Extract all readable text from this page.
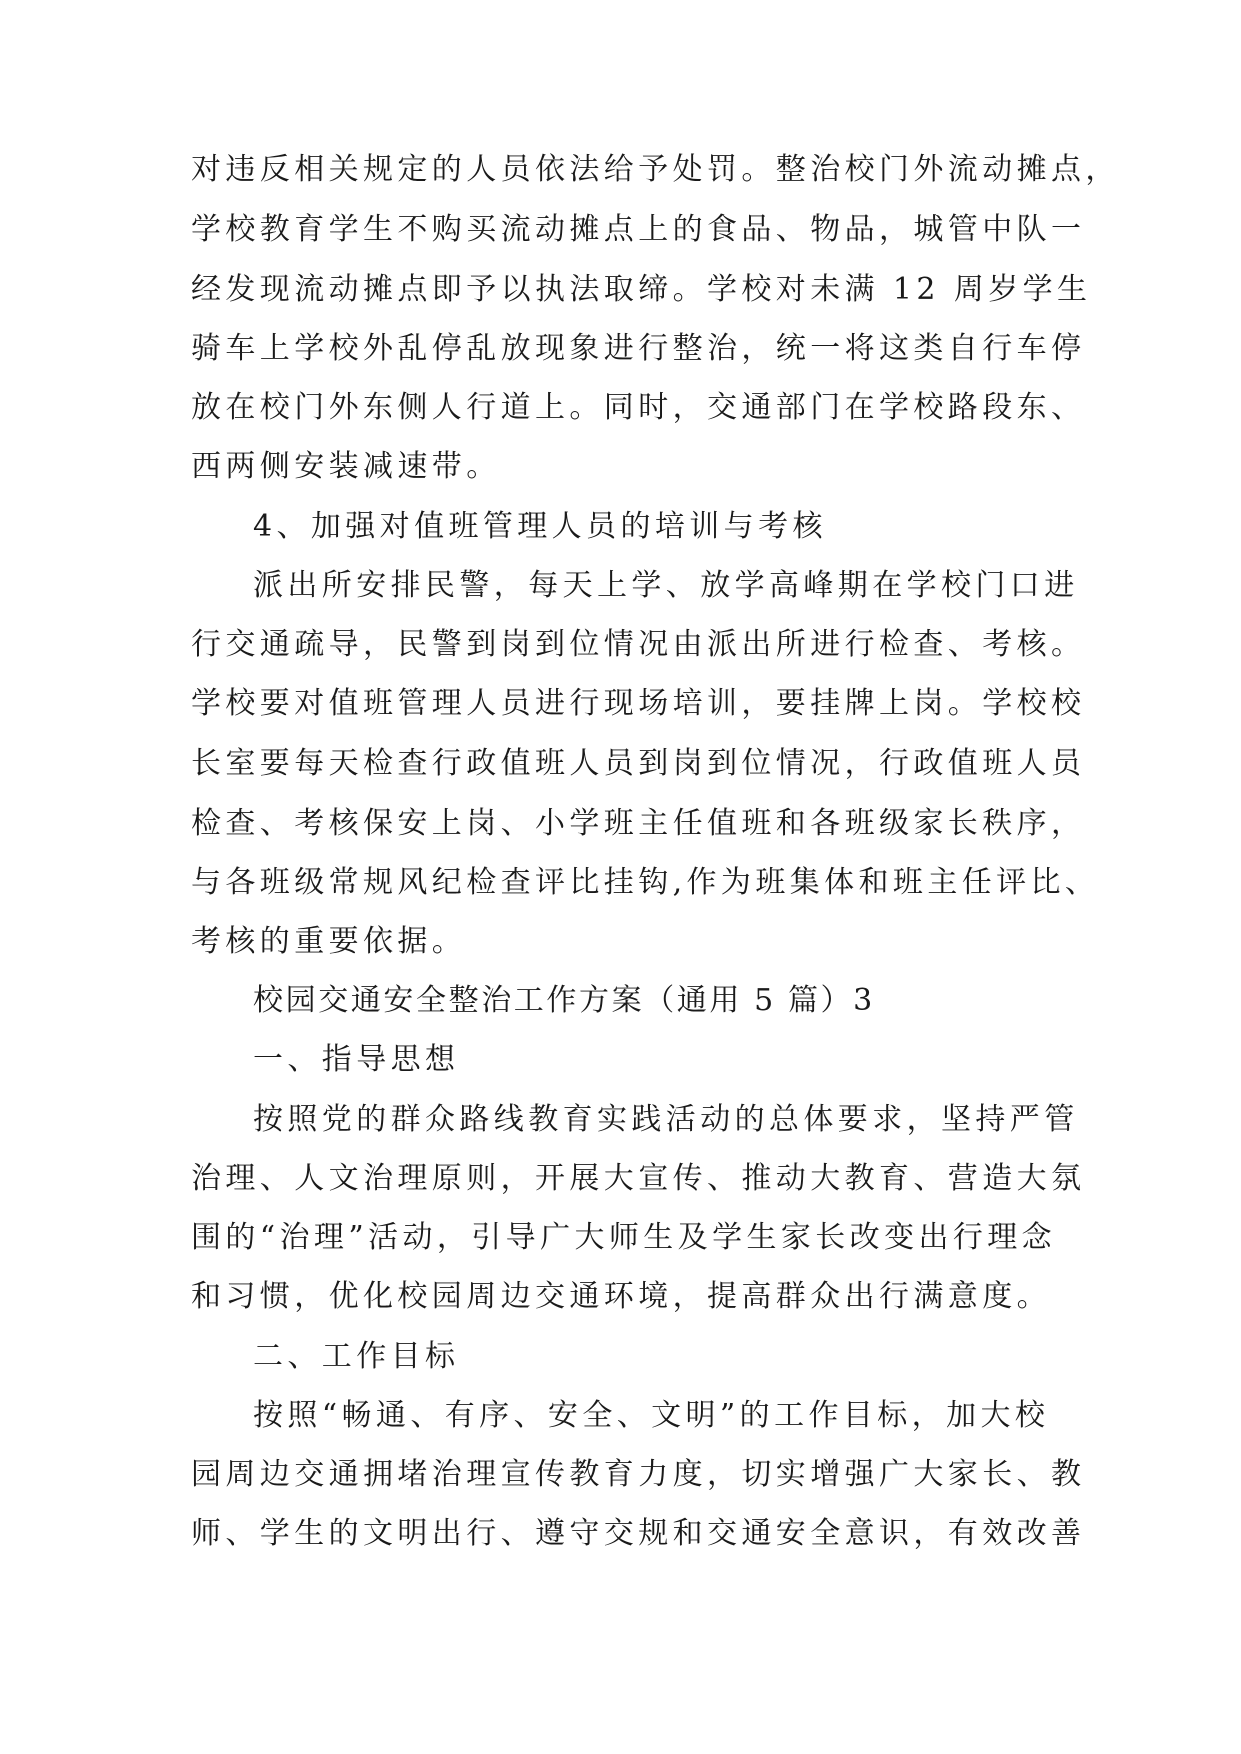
对违反相关规定的人员依法给予处罚。整治校门外流动摊点，
学校教育学生不购买流动摊点上的食品、物品，城管中队一
经发现流动摊点即予以执法取缔。学校对未满 12 周岁学生
骑车上学校外乱停乱放现象进行整治，统一将这类自行车停
放在校门外东侧人行道上。同时，交通部门在学校路段东、
西两侧安装减速带。
4、加强对值班管理人员的培训与考核
派出所安排民警，每天上学、放学高峰期在学校门口进
行交通疏导，民警到岗到位情况由派出所进行检查、考核。
学校要对值班管理人员进行现场培训，要挂牌上岗。学校校
长室要每天检查行政值班人员到岗到位情况，行政值班人员
检查、考核保安上岗、小学班主任值班和各班级家长秩序，
与各班级常规风纪检查评比挂钩,作为班集体和班主任评比、
考核的重要依据。
校园交通安全整治工作方案（通用 5 篇）3
一、指导思想
按照党的群众路线教育实践活动的总体要求，坚持严管
治理、人文治理原则，开展大宣传、推动大教育、营造大氛
围的“治理”活动，引导广大师生及学生家长改变出行理念
和习惯，优化校园周边交通环境，提高群众出行满意度。
二、工作目标
按照“畅通、有序、安全、文明”的工作目标，加大校
园周边交通拥堵治理宣传教育力度，切实增强广大家长、教
师、学生的文明出行、遵守交规和交通安全意识，有效改善
